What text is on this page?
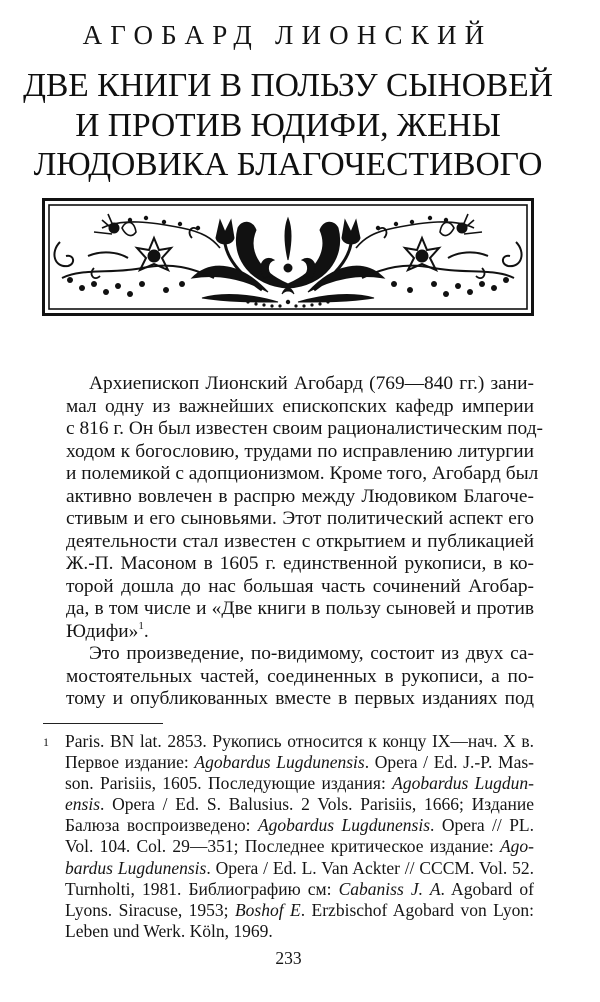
АГОБАРД ЛИОНСКИЙ
ДВЕ КНИГИ В ПОЛЬЗУ СЫНОВЕЙ
И ПРОТИВ ЮДИФИ, ЖЕНЫ
ЛЮДОВИКА БЛАГОЧЕСТИВОГО

Архиепископ Лионский Агобард (769—840 гг.) зани-
мал одну из важнейших епископских кафедр империи
с 816 г. Он был известен своим рационалистическим под-
ходом к богословию, трудами по исправлению литургии
и полемикой с адопционизмом. Кроме того, Агобард был
активно вовлечен в распрю между Людовиком Благоче-
стивым и его сыновьями. Этот политический аспект его
деятельности стал известен с открытием и публикацией
Ж.-П. Масоном в 1605 г. единственной рукописи, в ко-
торой дошла до нас большая часть сочинений Агобар-
да, в том числе и «Две книги в пользу сыновей и против
Юдифи»$^1$.

Это произведение, по-видимому, состоит из двух са-
мостоятельных частей, соединенных в рукописи, а по-
тому и опубликованных вместе в первых изданиях под

1 Paris. BN lat. 2853. Рукопись относится к концу IX—нач. X в.
Первое издание: Agobardus Lugdunensis. Opera / Ed. J.-P. Mas-
son. Parisiis, 1605. Последующие издания: Agobardus Lugdun-
ensis. Opera / Ed. S. Balusius. 2 Vols. Parisiis, 1666; Издание
Балюза воспроизведено: Agobardus Lugdunensis. Opera // PL.
Vol. 104. Col. 29—351; Последнее критическое издание: Ago-
bardus Lugdunensis. Opera / Ed. L. Van Ackter // CCCM. Vol. 52.
Turnholti, 1981. Библиографию см: Cabaniss J. A. Agobard of
Lyons. Siracuse, 1953; Boshof E. Erzbischof Agobard von Lyon:
Leben und Werk. Köln, 1969.
233
